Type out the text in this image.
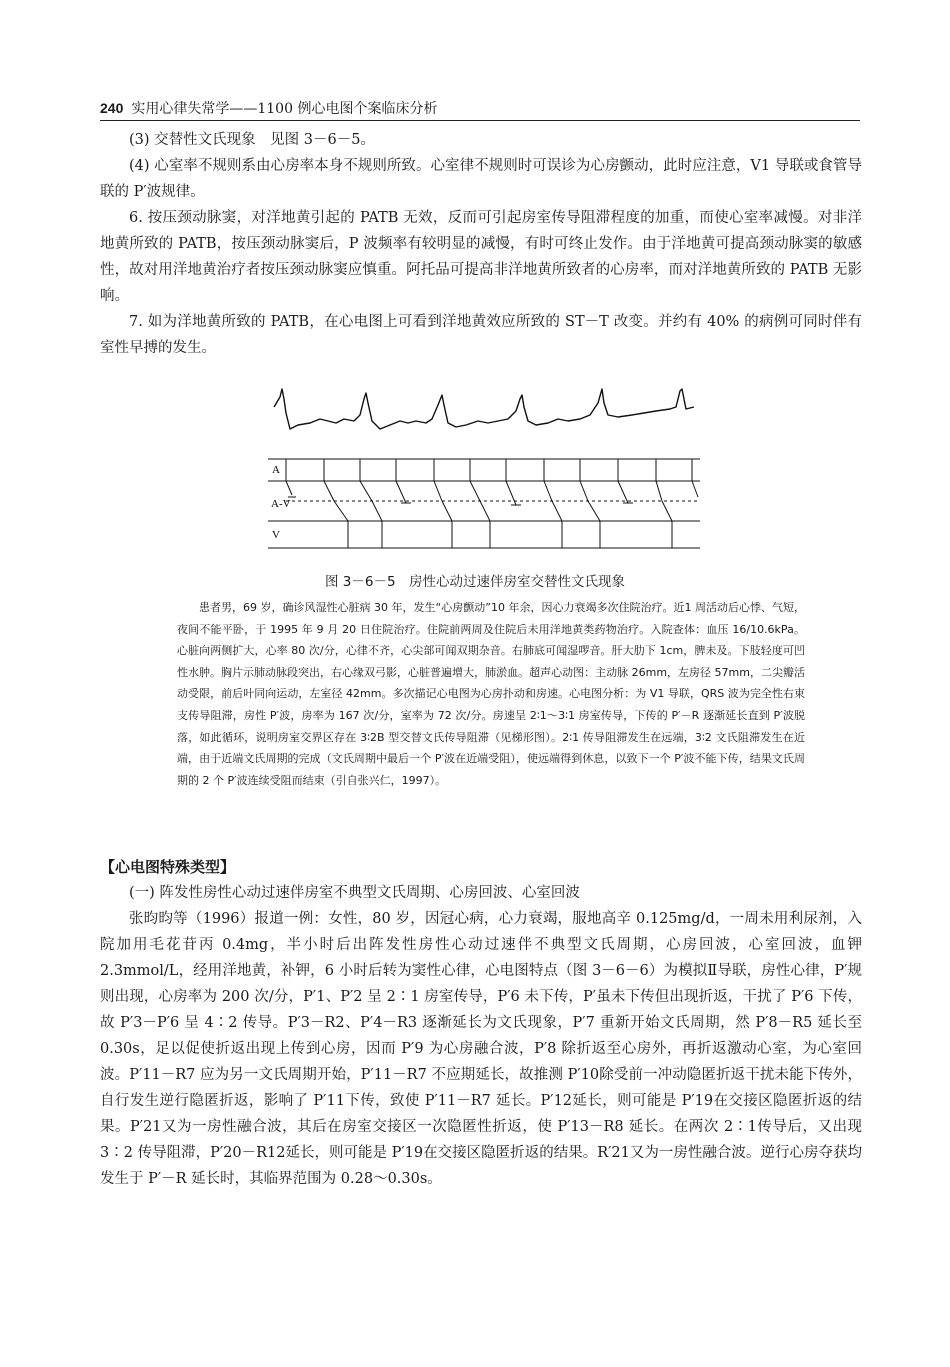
240 实用心律失常学——1100 例心电图个案临床分析

(3) 交替性文氏现象　见图 3－6－5。

(4) 心室率不规则系由心房率本身不规则所致。心室律不规则时可误诊为心房颤动，此时应注意，V1 导联或食管导联的 P′波规律。

6. 按压颈动脉窦，对洋地黄引起的 PATB 无效，反而可引起房室传导阻滞程度的加重，而使心室率减慢。对非洋地黄所致的 PATB，按压颈动脉窦后，P 波频率有较明显的减慢，有时可终止发作。由于洋地黄可提高颈动脉窦的敏感性，故对用洋地黄治疗者按压颈动脉窦应慎重。阿托品可提高非洋地黄所致者的心房率，而对洋地黄所致的 PATB 无影响。

7. 如为洋地黄所致的 PATB，在心电图上可看到洋地黄效应所致的 ST－T 改变。并约有 40% 的病例可同时伴有室性早搏的发生。

A
A-V
V
图 3－6－5　房性心动过速伴房室交替性文氏现象

患者男，69 岁，确诊风湿性心脏病 30 年，发生“心房颤动”10 年余，因心力衰竭多次住院治疗。近1 周活动后心悸、气短，夜间不能平卧，于 1995 年 9 月 20 日住院治疗。住院前两周及住院后未用洋地黄类药物治疗。入院查体：血压 16/10.6kPa。心脏向两侧扩大，心率 80 次/分，心律不齐，心尖部可闻双期杂音。右肺底可闻湿啰音。肝大肋下 1cm，脾未及。下肢轻度可凹性水肿。胸片示肺动脉段突出，右心缘双弓影，心脏普遍增大，肺淤血。超声心动图：主动脉 26mm，左房径 57mm，二尖瓣活动受限，前后叶同向运动，左室径 42mm。多次描记心电图为心房扑动和房速。心电图分析：为 V1 导联，QRS 波为完全性右束支传导阻滞，房性 P′波，房率为 167 次/分，室率为 72 次/分。房速呈 2∶1～3∶1 房室传导，下传的 P′－R 逐渐延长直到 P′波脱落，如此循环，说明房室交界区存在 3∶2B 型交替文氏传导阻滞（见梯形图）。2∶1 传导阻滞发生在远端，3∶2 文氏阻滞发生在近端，由于近端文氏周期的完成（文氏周期中最后一个 P′波在近端受阻），使远端得到休息，以致下一个 P′波不能下传，结果文氏周期的 2 个 P′波连续受阻而结束（引自张兴仁，1997）。

【心电图特殊类型】

(一) 阵发性房性心动过速伴房室不典型文氏周期、心房回波、心室回波

张昀昀等（1996）报道一例：女性，80 岁，因冠心病，心力衰竭，服地高辛 0.125mg/d，一周未用利尿剂，入院加用毛花苷丙 0.4mg，半小时后出阵发性房性心动过速伴不典型文氏周期，心房回波，心室回波，血钾 2.3mmol/L，经用洋地黄，补钾，6 小时后转为窦性心律，心电图特点（图 3－6－6）为模拟Ⅱ导联，房性心律，P′规则出现，心房率为 200 次/分，P′1、P′2 呈 2∶1 房室传导，P′6 未下传，P′虽未下传但出现折返，干扰了 P′6 下传，故 P′3－P′6 呈 4∶2 传导。P′3－R2、P′4－R3 逐渐延长为文氏现象，P′7 重新开始文氏周期，然 P′8－R5 延长至 0.30s，足以促使折返出现上传到心房，因而 P′9 为心房融合波，P′8 除折返至心房外，再折返激动心室，为心室回波。P′11－R7 应为另一文氏周期开始，P′11－R7 不应期延长，故推测 P′10除受前一冲动隐匿折返干扰未能下传外，自行发生逆行隐匿折返，影响了 P′11下传，致使 P′11－R7 延长。P′12延长，则可能是 P′19在交接区隐匿折返的结果。P′21又为一房性融合波，其后在房室交接区一次隐匿性折返，使 P′13－R8 延长。在两次 2∶1传导后，又出现 3∶2 传导阻滞，P′20－R12延长，则可能是 P′19在交接区隐匿折返的结果。R′21又为一房性融合波。逆行心房夺获均发生于 P′－R 延长时，其临界范围为 0.28～0.30s。
